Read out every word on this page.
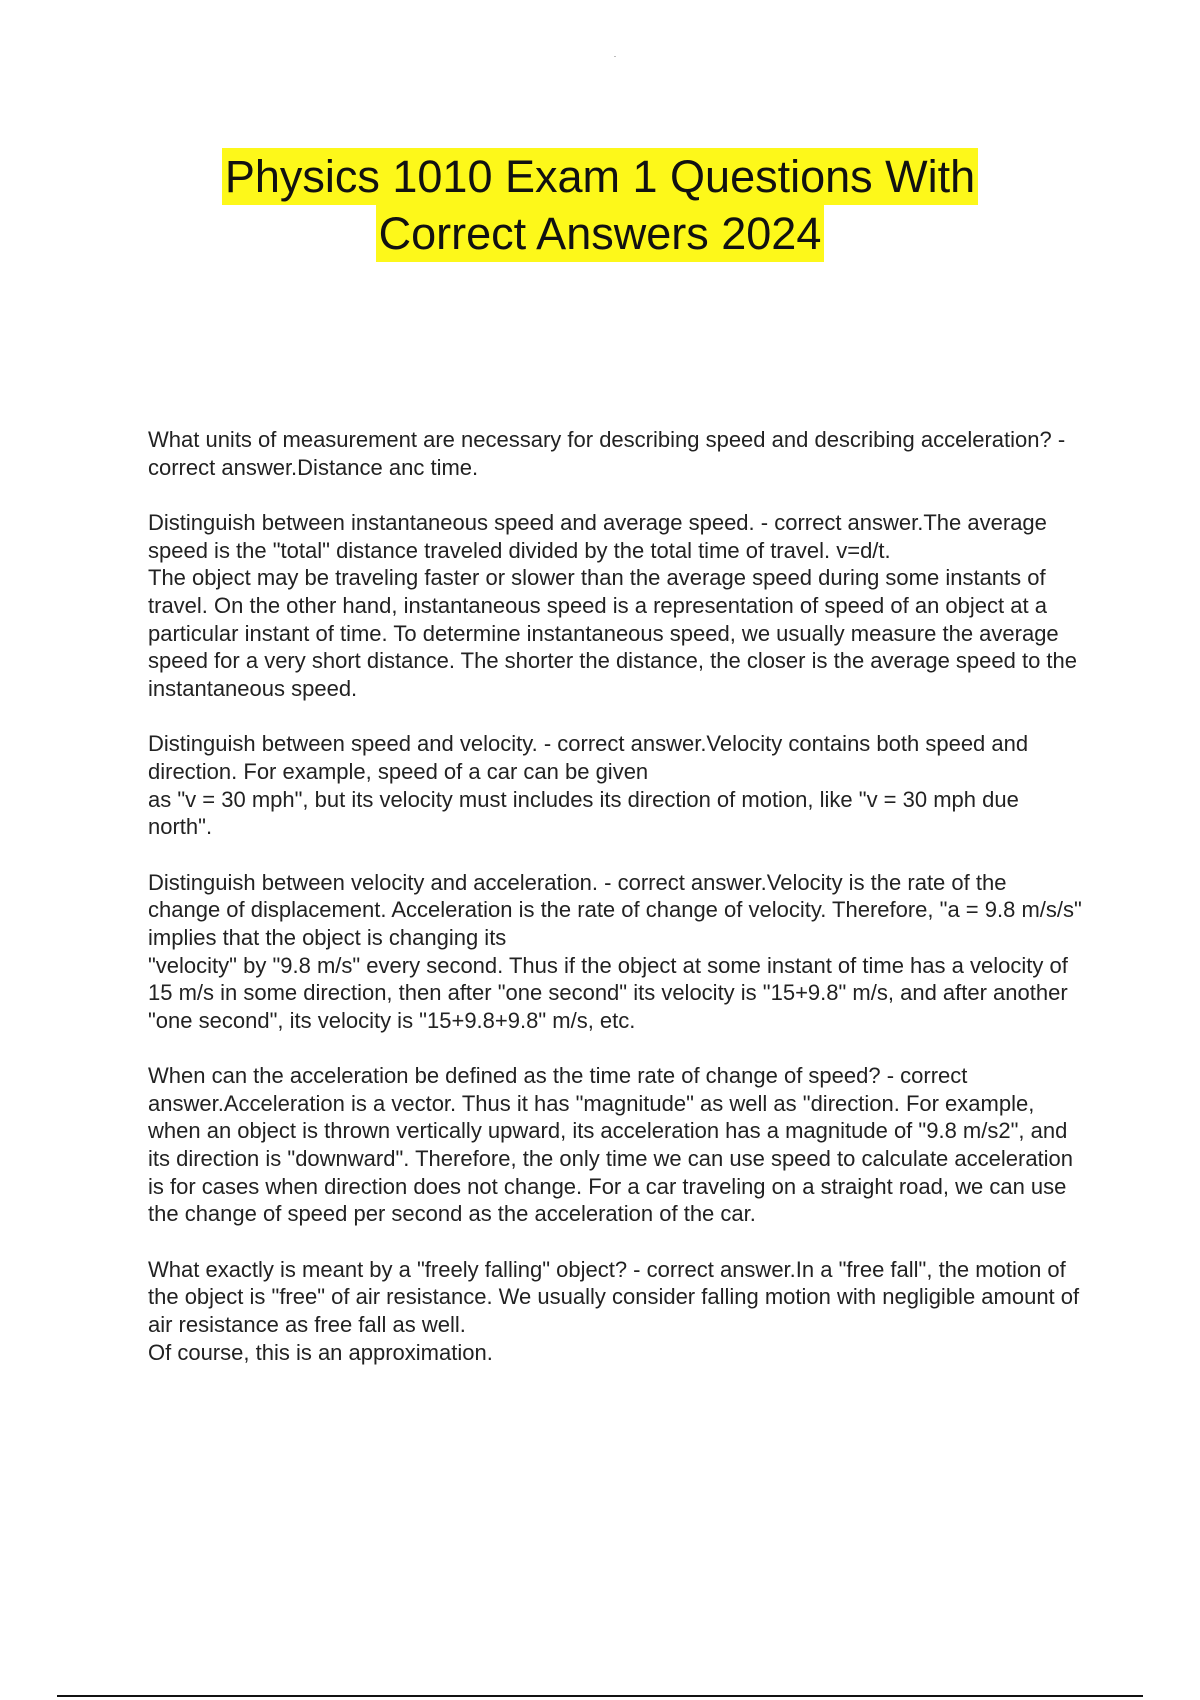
Physics 1010 Exam 1 Questions With
Correct Answers 2024

What units of measurement are necessary for describing speed and describing acceleration? - correct answer.Distance anc time.

Distinguish between instantaneous speed and average speed. - correct answer.The average speed is the "total" distance traveled divided by the total time of travel. v=d/t.

The object may be traveling faster or slower than the average speed during some instants of travel. On the other hand, instantaneous speed is a representation of speed of an object at a particular instant of time. To determine instantaneous speed, we usually measure the average speed for a very short distance. The shorter the distance, the closer is the average speed to the instantaneous speed.

Distinguish between speed and velocity. - correct answer.Velocity contains both speed and direction. For example, speed of a car can be given

as "v = 30 mph", but its velocity must includes its direction of motion, like "v = 30 mph due north".

Distinguish between velocity and acceleration. - correct answer.Velocity is the rate of the change of displacement. Acceleration is the rate of change of velocity. Therefore, "a = 9.8 m/s/s" implies that the object is changing its

"velocity" by "9.8 m/s" every second. Thus if the object at some instant of time has a velocity of 15 m/s in some direction, then after "one second" its velocity is "15+9.8" m/s, and after another "one second", its velocity is "15+9.8+9.8" m/s, etc.

When can the acceleration be defined as the time rate of change of speed? - correct answer.Acceleration is a vector. Thus it has "magnitude" as well as "direction. For example, when an object is thrown vertically upward, its acceleration has a magnitude of "9.8 m/s2", and its direction is "downward". Therefore, the only time we can use speed to calculate acceleration is for cases when direction does not change. For a car traveling on a straight road, we can use the change of speed per second as the acceleration of the car.

What exactly is meant by a "freely falling" object? - correct answer.In a "free fall", the motion of the object is "free" of air resistance. We usually consider falling motion with negligible amount of air resistance as free fall as well.

Of course, this is an approximation.
